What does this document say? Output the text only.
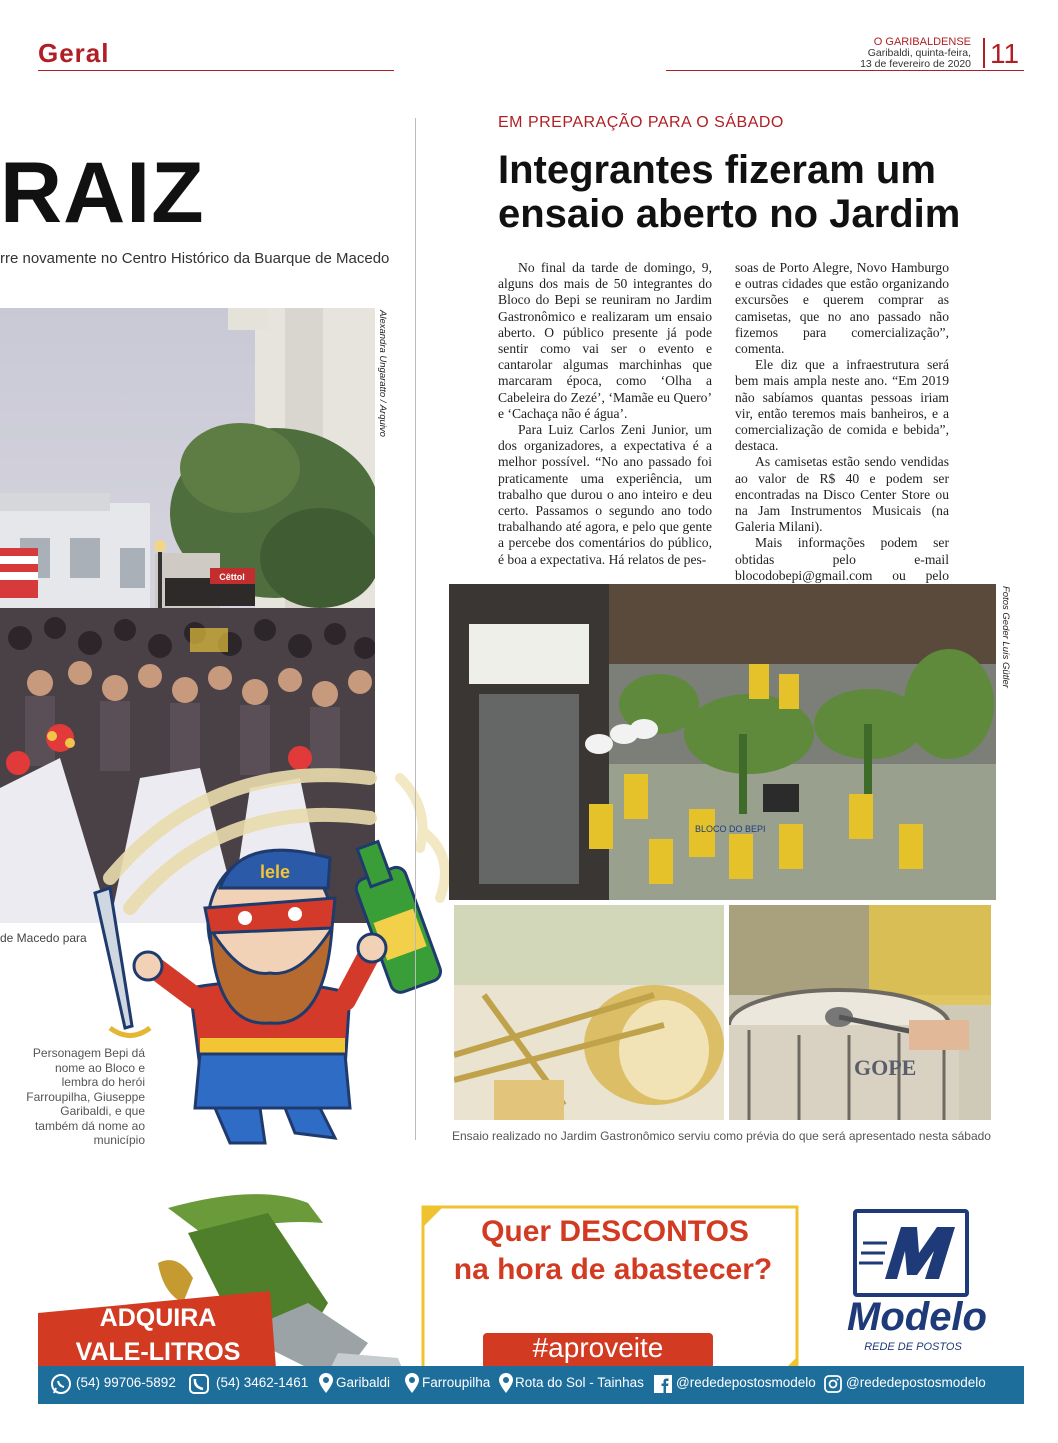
Geral	O GARIBALDENSE
Garibaldi, quinta-feira,
13 de fevereiro de 2020 11
RAIZ
rre novamente no Centro Histórico da Buarque de Macedo
Cêttol
Alexandra Ungaratto / Arquivo
de Macedo para
lele
Personagem Bepi dá nome ao Bloco e lembra do herói Farroupilha, Giuseppe Garibaldi, e que também dá nome ao município
EM PREPARAÇÃO PARA O SÁBADO
Integrantes fizeram um ensaio aberto no Jardim

No final da tarde de domingo, 9, alguns dos mais de 50 integrantes do Bloco do Bepi se reuniram no Jardim Gastronômico e realizaram um ensaio aberto. O público presente já pode sentir como vai ser o evento e cantarolar algumas marchinhas que marcaram época, como ‘Olha a Cabeleira do Zezé’, ‘Mamãe eu Quero’ e ‘Cachaça não é água’.

Para Luiz Carlos Zeni Junior, um dos organizadores, a expectativa é a melhor possível. “No ano passado foi praticamente uma experiência, um trabalho que durou o ano inteiro e deu certo. Passamos o segundo ano todo trabalhando até agora, e pelo que gente a percebe dos comentários do público, é boa a expectativa. Há relatos de pes-

soas de Porto Alegre, Novo Hamburgo e outras cidades que estão organizando excursões e querem comprar as camisetas, que no ano passado não fizemos para comercialização”, comenta.

Ele diz que a infraestrutura será bem mais ampla neste ano. “Em 2019 não sabíamos quantas pessoas iriam vir, então teremos mais banheiros, e a comercialização de comida e bebida”, destaca.

As camisetas estão sendo vendidas ao valor de R$ 40 e podem ser encontradas na Disco Center Store ou na Jam Instrumentos Musicais (na Galeria Milani).

Mais informações podem ser obtidas pelo e-mail blocodobepi@gmail.com ou pelo

BLOCO DO BEPI
Fotos Geder Luís Gütler
GOPE
Ensaio realizado no Jardim Gastronômico serviu como prévia do que será apresentado nesta sábado
Quer DESCONTOS
na hora de abastecer?
#aproveite
ADQUIRA
VALE-LITROS
Modelo
REDE DE POSTOS
(54) 99706-5892	(54) 3462-1461 Garibaldi Farroupilha Rota do Sol - Tainhas @rededepostosmodelo @rededepostosmodelo
